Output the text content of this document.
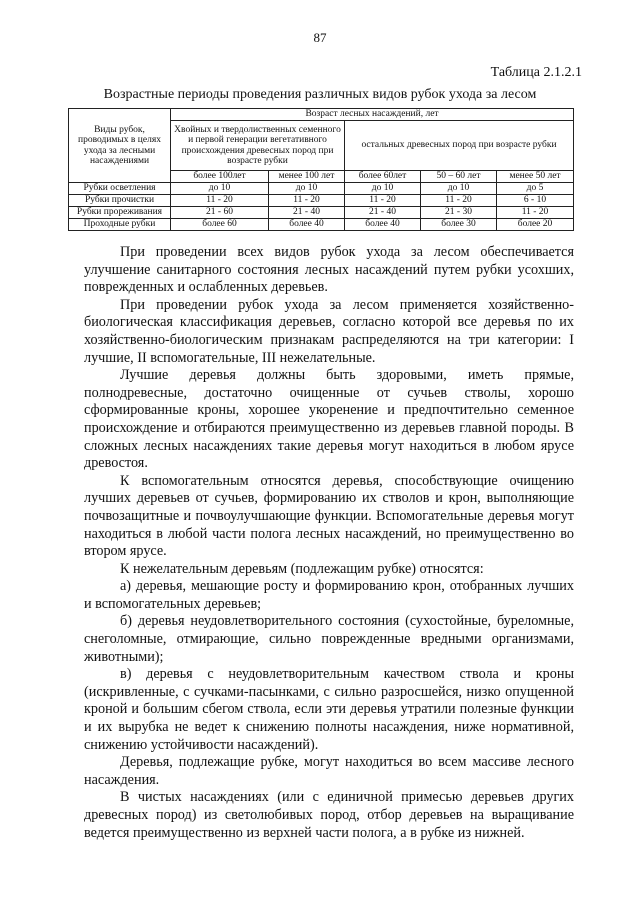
87
Таблица 2.1.2.1
Возрастные периоды проведения различных видов рубок ухода за лесом
Виды рубок, проводимых в целях ухода за лесными насаждениями	Возраст лесных насаждений, лет				
	Хвойных и твердолиственных семенного и первой генерации вегетативного происхождения древесных пород при возрасте рубки		остальных древесных пород при возрасте рубки		
	более 100лет	менее 100 лет	более 60лет	50 – 60 лет	менее 50 лет
Рубки осветления	до 10	до 10	до 10	до 10	до 5
Рубки прочистки	11 - 20	11 - 20	11 - 20	11 - 20	6 - 10
Рубки прореживания	21 - 60	21 - 40	21 - 40	21 - 30	11 - 20
Проходные рубки	более 60	более 40	более 40	более 30	более 20

При проведении всех видов рубок ухода за лесом обеспечивается улучшение санитарного состояния лесных насаждений путем рубки усохших, поврежденных и ослабленных деревьев.

При проведении рубок ухода за лесом применяется хозяйственно-биологическая классификация деревьев, согласно которой все деревья по их хозяйственно-биологическим признакам распределяются на три категории: I лучшие, II вспомогательные, III нежелательные.

Лучшие деревья должны быть здоровыми, иметь прямые, полнодревесные, достаточно очищенные от сучьев стволы, хорошо сформированные кроны, хорошее укоренение и предпочтительно семенное происхождение и отбираются преимущественно из деревьев главной породы. В сложных лесных насаждениях такие деревья могут находиться в любом ярусе древостоя.

К вспомогательным относятся деревья, способствующие очищению лучших деревьев от сучьев, формированию их стволов и крон, выполняющие почвозащитные и почвоулучшающие функции. Вспомогательные деревья могут находиться в любой части полога лесных насаждений, но преимущественно во втором ярусе.

К нежелательным деревьям (подлежащим рубке) относятся:

а) деревья, мешающие росту и формированию крон, отобранных лучших и вспомогательных деревьев;

б) деревья неудовлетворительного состояния (сухостойные, буреломные, снеголомные, отмирающие, сильно поврежденные вредными организмами, животными);

в) деревья с неудовлетворительным качеством ствола и кроны (искривленные, с сучками-пасынками, с сильно разросшейся, низко опущенной кроной и большим сбегом ствола, если эти деревья утратили полезные функции и их вырубка не ведет к снижению полноты насаждения, ниже нормативной, снижению устойчивости насаждений).

Деревья, подлежащие рубке, могут находиться во всем массиве лесного насаждения.

В чистых насаждениях (или с единичной примесью деревьев других древесных пород) из светолюбивых пород, отбор деревьев на выращивание ведется преимущественно из верхней части полога, а в рубке из нижней.
